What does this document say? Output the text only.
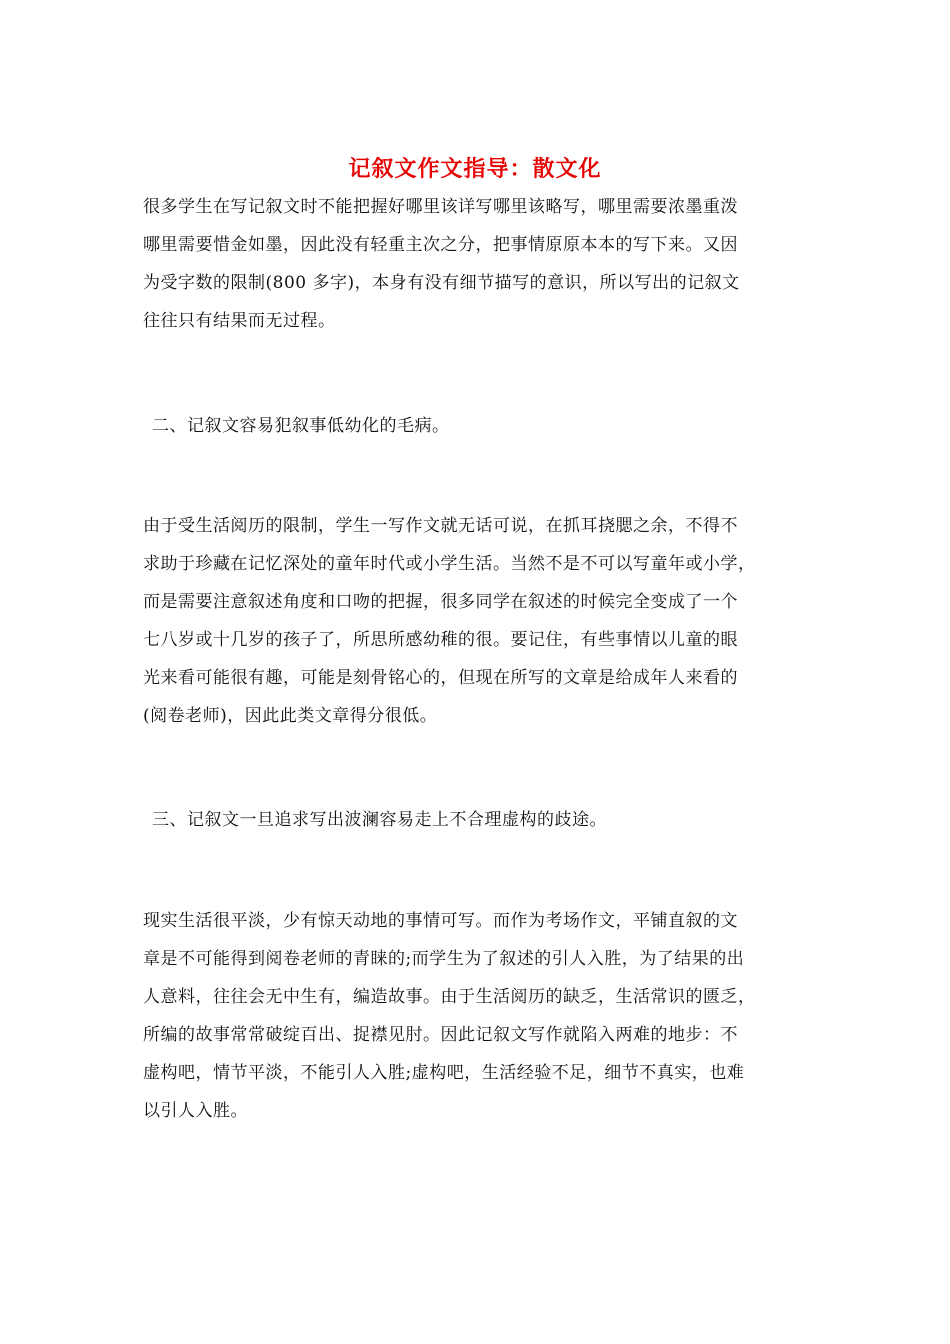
记叙文作文指导：散文化
很多学生在写记叙文时不能把握好哪里该详写哪里该略写，哪里需要浓墨重泼
哪里需要惜金如墨，因此没有轻重主次之分，把事情原原本本的写下来。又因
为受字数的限制(800 多字)，本身有没有细节描写的意识，所以写出的记叙文
往往只有结果而无过程。
二、记叙文容易犯叙事低幼化的毛病。
由于受生活阅历的限制，学生一写作文就无话可说，在抓耳挠腮之余，不得不
求助于珍藏在记忆深处的童年时代或小学生活。当然不是不可以写童年或小学，
而是需要注意叙述角度和口吻的把握，很多同学在叙述的时候完全变成了一个
七八岁或十几岁的孩子了，所思所感幼稚的很。要记住，有些事情以儿童的眼
光来看可能很有趣，可能是刻骨铭心的，但现在所写的文章是给成年人来看的
(阅卷老师)，因此此类文章得分很低。
三、记叙文一旦追求写出波澜容易走上不合理虚构的歧途。
现实生活很平淡，少有惊天动地的事情可写。而作为考场作文，平铺直叙的文
章是不可能得到阅卷老师的青睐的;而学生为了叙述的引人入胜，为了结果的出
人意料，往往会无中生有，编造故事。由于生活阅历的缺乏，生活常识的匮乏，
所编的故事常常破绽百出、捉襟见肘。因此记叙文写作就陷入两难的地步：不
虚构吧，情节平淡，不能引人入胜;虚构吧，生活经验不足，细节不真实，也难
以引人入胜。
